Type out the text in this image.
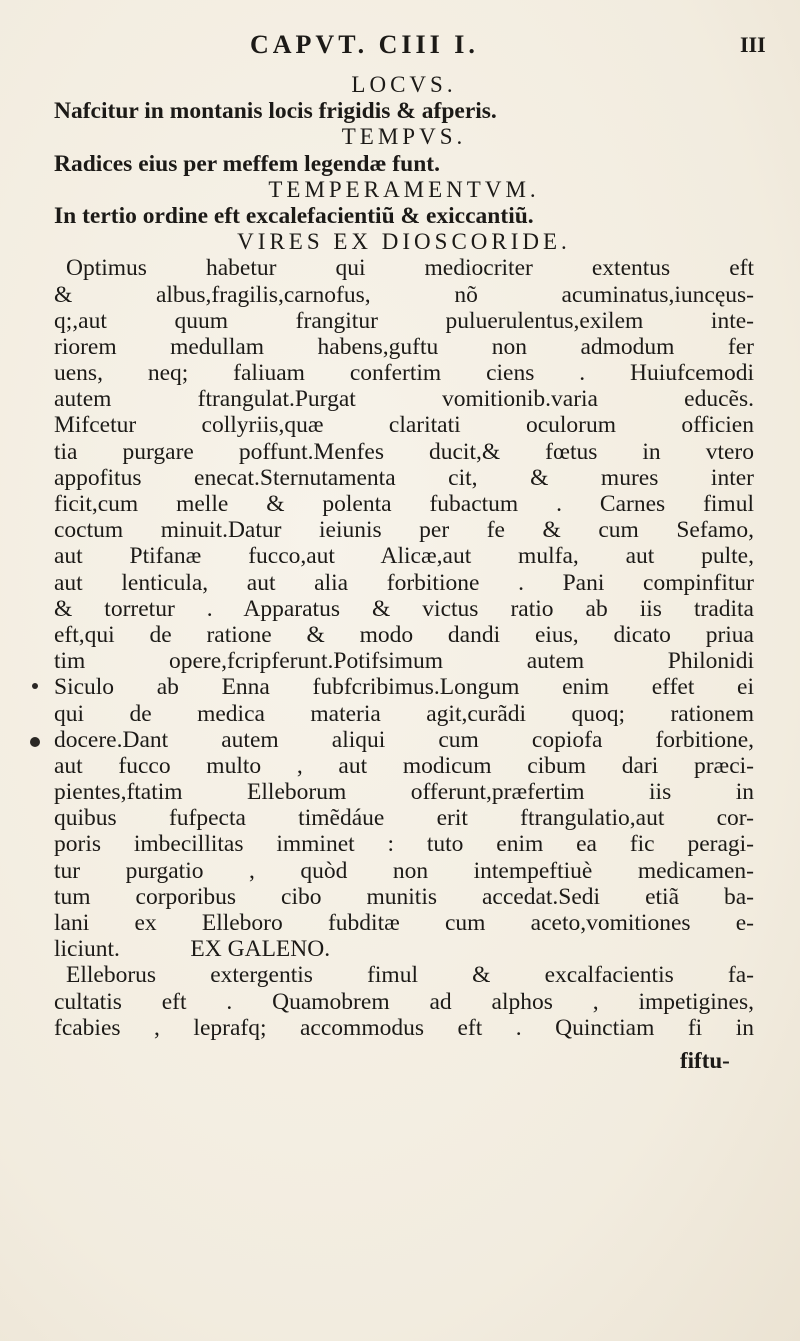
CAPVT. CIII I.	III
LOCVS.
Nafcitur in montanis locis frigidis & afperis.
TEMPVS.
Radices eius per meffem legendæ funt.
TEMPERAMENTVM.
In tertio ordine eft excalefacientiũ & exiccantiũ.
VIRES EX DIOSCORIDE.
Optimus habetur qui mediocriter extentus eft
& albus,fragilis,carnofus, nõ acuminatus,iuncęus-
q;,aut quum frangitur puluerulentus,exilem inte-
riorem medullam habens,guftu non admodum fer
uens, neq; faliuam confertim ciens . Huiufcemodi
autem ftrangulat.Purgat vomitionib.varia educẽs.
Mifcetur collyriis,quæ claritati oculorum officien
tia purgare poffunt.Menfes ducit,& fœtus in vtero
appofitus enecat.Sternutamenta cit, & mures inter
ficit,cum melle & polenta fubactum . Carnes fimul
coctum minuit.Datur ieiunis per fe & cum Sefamo,
aut Ptifanæ fucco,aut Alicæ,aut mulfa, aut pulte,
aut lenticula, aut alia forbitione . Pani compinfitur
& torretur . Apparatus & victus ratio ab iis tradita
eft,qui de ratione & modo dandi eius, dicato priua
tim opere,fcripferunt.Potifsimum autem Philonidi
Siculo ab Enna fubfcribimus.Longum enim effet ei
qui de medica materia agit,curãdi quoq; rationem
docere.Dant autem aliqui cum copiofa forbitione,
aut fucco multo , aut modicum cibum dari præci-
pientes,ftatim Elleborum offerunt,præfertim iis in
quibus fufpecta timẽdáue erit ftrangulatio,aut cor-
poris imbecillitas imminet : tuto enim ea fic peragi-
tur purgatio , quòd non intempeftiuè medicamen-
tum corporibus cibo munitis accedat.Sedi etiã ba-
lani ex Elleboro fubditæ cum aceto,vomitiones e-
liciunt.            EX GALENO.
Elleborus extergentis fimul & excalfacientis fa-
cultatis eft . Quamobrem ad alphos , impetigines,
fcabies , leprafq; accommodus eft . Quinctiam fi in
fiftu-
